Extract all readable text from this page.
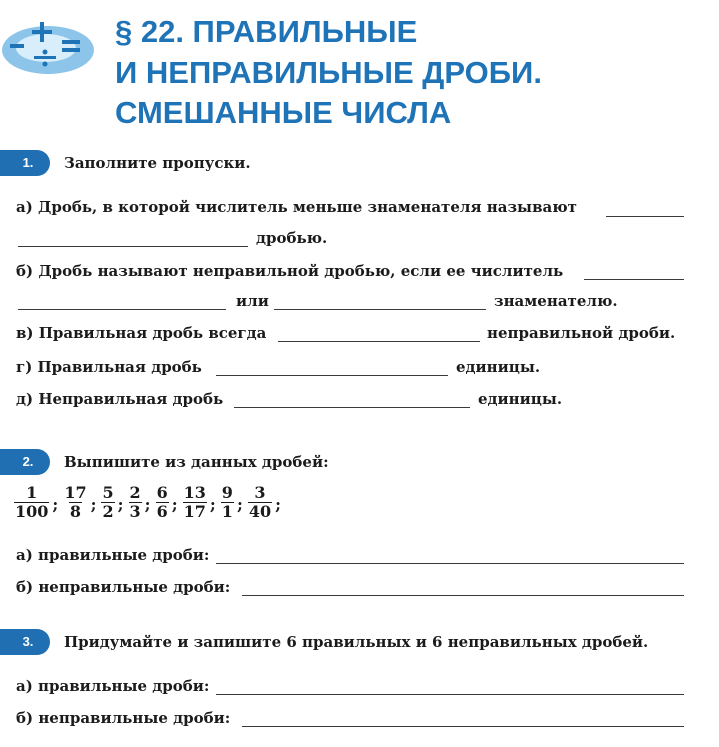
§ 22. ПРАВИЛЬНЫЕ
И НЕПРАВИЛЬНЫЕ ДРОБИ.
СМЕШАННЫЕ ЧИСЛА
1.	Заполните пропуски.
а) Дробь, в которой числитель меньше знаменателя называют
дробью.
б) Дробь называют неправильной дробью, если ее числитель
или	знаменателю.
в) Правильная дробь всегда	неправильной дроби.
г) Правильная дробь	единицы.
д) Неправильная дробь	единицы.
2.	Выпишите из данных дробей:
$\frac{1}{100}$ ; $\frac{17}{8}$ ; $\frac{5}{2}$ ; $\frac{2}{3}$ ; $\frac{6}{6}$ ; $\frac{13}{17}$ ; $\frac{9}{1}$ ; $\frac{3}{40}$ ;
а) правильные дроби:
б) неправильные дроби:
3.	Придумайте и запишите 6 правильных и 6 неправильных дробей.
а) правильные дроби:
б) неправильные дроби:
